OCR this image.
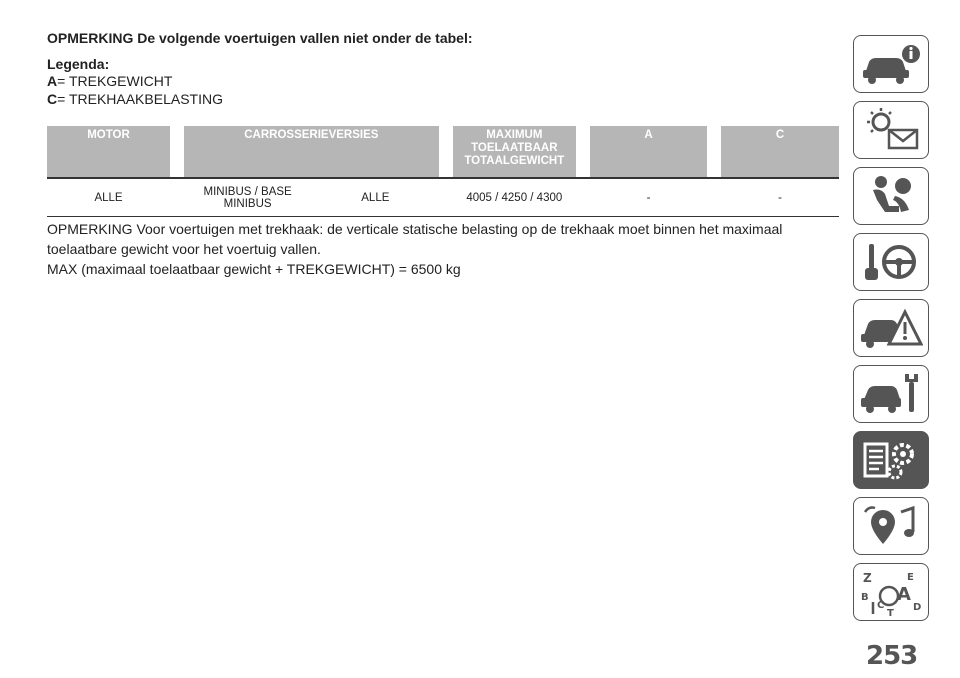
OPMERKING De volgende voertuigen vallen niet onder de tabel:

Legenda:

A= TREKGEWICHT

C= TREKHAAKBELASTING

MOTOR		CARROSSERIEVERSIES			MAXIMUM TOELAATBAAR TOTAALGEWICHT		A		C
ALLE		MINIBUS / BASE MINIBUS	ALLE		4005 / 4250 / 4300		-		-

OPMERKING Voor voertuigen met trekhaak: de verticale statische belasting op de trekhaak moet binnen het maximaal toelaatbare gewicht voor het voertuig vallen.

MAX (maximaal toelaatbaar gewicht + TREKGEWICHT) = 6500 kg

Z	E
B A
D
C
T
253
